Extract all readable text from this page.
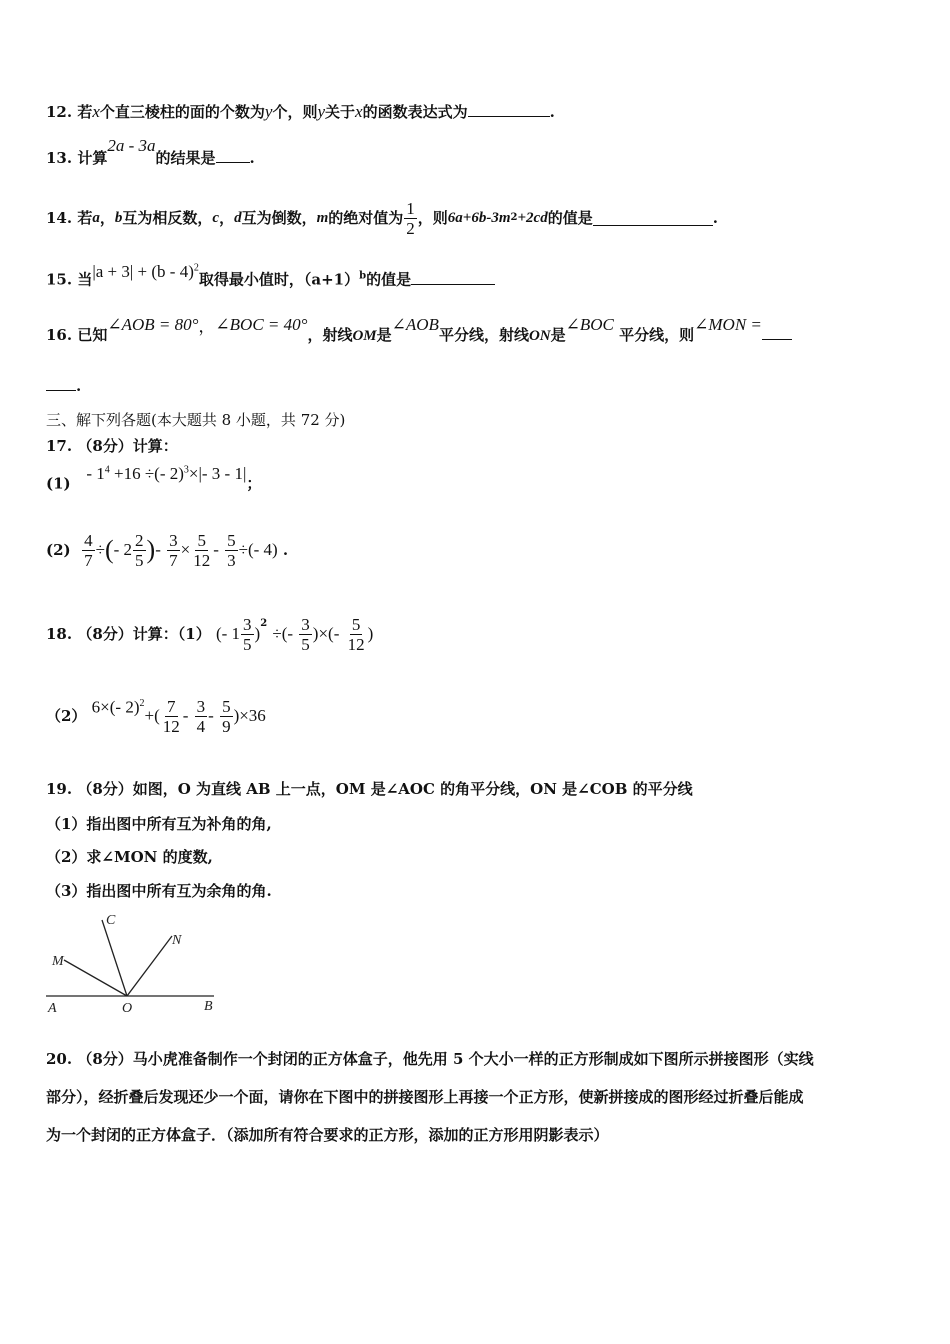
12. 若x个直三棱柱的面的个数为y个，则y关于x的函数表达式为	.
13. 计算2a - 3a的结果是 .
14.
若 a ， b 互为相反数， c ， d 互为倒数， m 的绝对值为 $\frac{1}{2}$ ，则 6a+6b-3m 2 +2cd 的值是	.
15. 当|a + 3| + (b - 4)$^2$取得最小值时，$(a+1)^b$的值是
16. 已知∠AOB = 80°，∠BOC = 40°，射线OM是∠AOB平分线，射线ON是∠BOC 平分线，则∠MON =
.
三、解下列各题(本大题共 8 小题，共 72 分)
17. （8分）计算：
$(1) - 1^4 +16$ ÷(- 2)$^3$×|- 3 - 1|；
(2)
$\frac{4}{7}$ ÷ ( - $2 \frac{2}{5}$ ) -
$\frac{3}{7} \times \frac{5}{12}$ -
$\frac{5}{3}$ ÷(- 4)
.
18. （8分）计算：（1）
(- $1 \frac{3}{5}$ )
$^2$

÷(-
$\frac{3}{5}$ )×(-
$\frac{5}{12}$ )
（2）
6×(- 2)$^2$
+( $\frac{7}{12}$ -
$\frac{3}{4}$ -
$\frac{5}{9} )\times 36$
19. （8分）如图，O 为直线 AB 上一点，OM 是∠AOC 的角平分线，ON 是∠COB 的平分线
（1）指出图中所有互为补角的角,
（2）求∠MON 的度数,
（3）指出图中所有互为余角的角.
C
M
N
A	O	B
20. （8分）马小虎准备制作一个封闭的正方体盒子，他先用 5 个大小一样的正方形制成如下图所示拼接图形（实线
部分），经折叠后发现还少一个面，请你在下图中的拼接图形上再接一个正方形，使新拼接成的图形经过折叠后能成
为一个封闭的正方体盒子．（添加所有符合要求的正方形，添加的正方形用阴影表示）
